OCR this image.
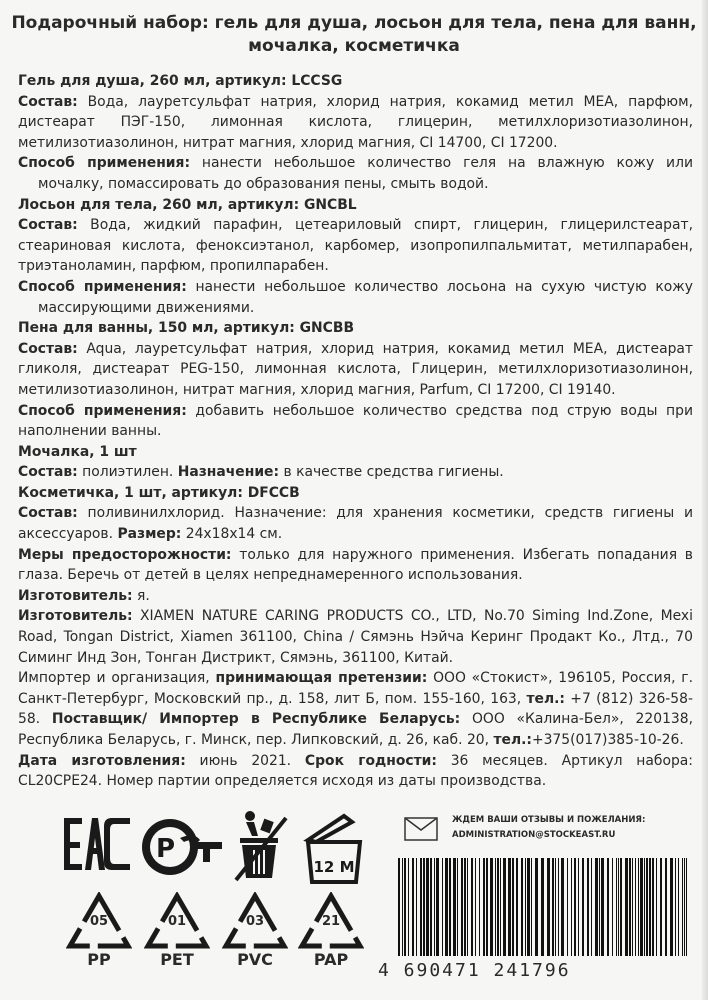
Подарочный набор: гель для душа, лосьон для тела, пена для ванн, мочалка, косметичка

Гель для душа, 260 мл, артикул: LCCSG

Состав: Вода, лауретсульфат натрия, хлорид натрия, кокамид метил МЕА, парфюм, дистеарат ПЭГ-150, лимонная кислота, глицерин, метилхлоризотиазолинон, метилизотиазолинон, нитрат магния, хлорид магния, CI 14700, CI 17200.

Способ применения: нанести небольшое количество геля на влажную кожу или мочалку, помассировать до образования пены, смыть водой.

Лосьон для тела, 260 мл, артикул: GNCBL

Состав: Вода, жидкий парафин, цетеариловый спирт, глицерин, глицерилстеарат, стеариновая кислота, феноксиэтанол, карбомер, изопропилпальмитат, метилпарабен, триэтаноламин, парфюм, пропилпарабен.

Способ применения: нанести небольшое количество лосьона на сухую чистую кожу массирующими движениями.

Пена для ванны, 150 мл, артикул: GNCBB

Состав: Aqua, лауретсульфат натрия, хлорид натрия, кокамид метил МЕА, дистеарат гликоля, дистеарат PEG-150, лимонная кислота, Глицерин, метилхлоризотиазолинон, метилизотиазолинон, нитрат магния, хлорид магния, Parfum, CI 17200, CI 19140.

Способ применения: добавить небольшое количество средства под струю воды при наполнении ванны.

Мочалка, 1 шт

Состав: полиэтилен. Назначение: в качестве средства гигиены.

Косметичка, 1 шт, артикул: DFCCB

Состав: поливинилхлорид. Назначение: для хранения косметики, средств гигиены и аксессуаров. Размер: 24х18х14 см.

Меры предосторожности: только для наружного применения. Избегать попадания в глаза. Беречь от детей в целях непреднамеренного использования.

Изготовитель: я.

Изготовитель: XIAMEN NATURE CARING PRODUCTS CO., LTD, No.70 Siming Ind.Zone, Mexi Road, Tongan District, Xiamen 361100, China / Сямэнь Нэйча Керинг Продакт Ко., Лтд., 70 Симинг Инд Зон, Тонган Дистрикт, Сямэнь, 361100, Китай.

Импортер и организация, принимающая претензии: ООО «Стокист», 196105, Россия, г. Санкт-Петербург, Московский пр., д. 158, лит Б, пом. 155-160, 163, тел.: +7 (812) 326-58-58. Поставщик/ Импортер в Республике Беларусь: ООО «Калина-Бел», 220138, Республика Беларусь, г. Минск, пер. Липковский, д. 26, каб. 20, тел.:+375(017)385-10-26.

Дата изготовления: июнь 2021. Срок годности: 36 месяцев. Артикул набора: CL20CPE24. Номер партии определяется исходя из даты производства.

Р
12 M
05
PP
01
PET
03
PVC
21
PAP
ЖДЕМ ВАШИ ОТЗЫВЫ И ПОЖЕЛАНИЯ:
ADMINISTRATION@STOCKEAST.RU
4 690471 241796
